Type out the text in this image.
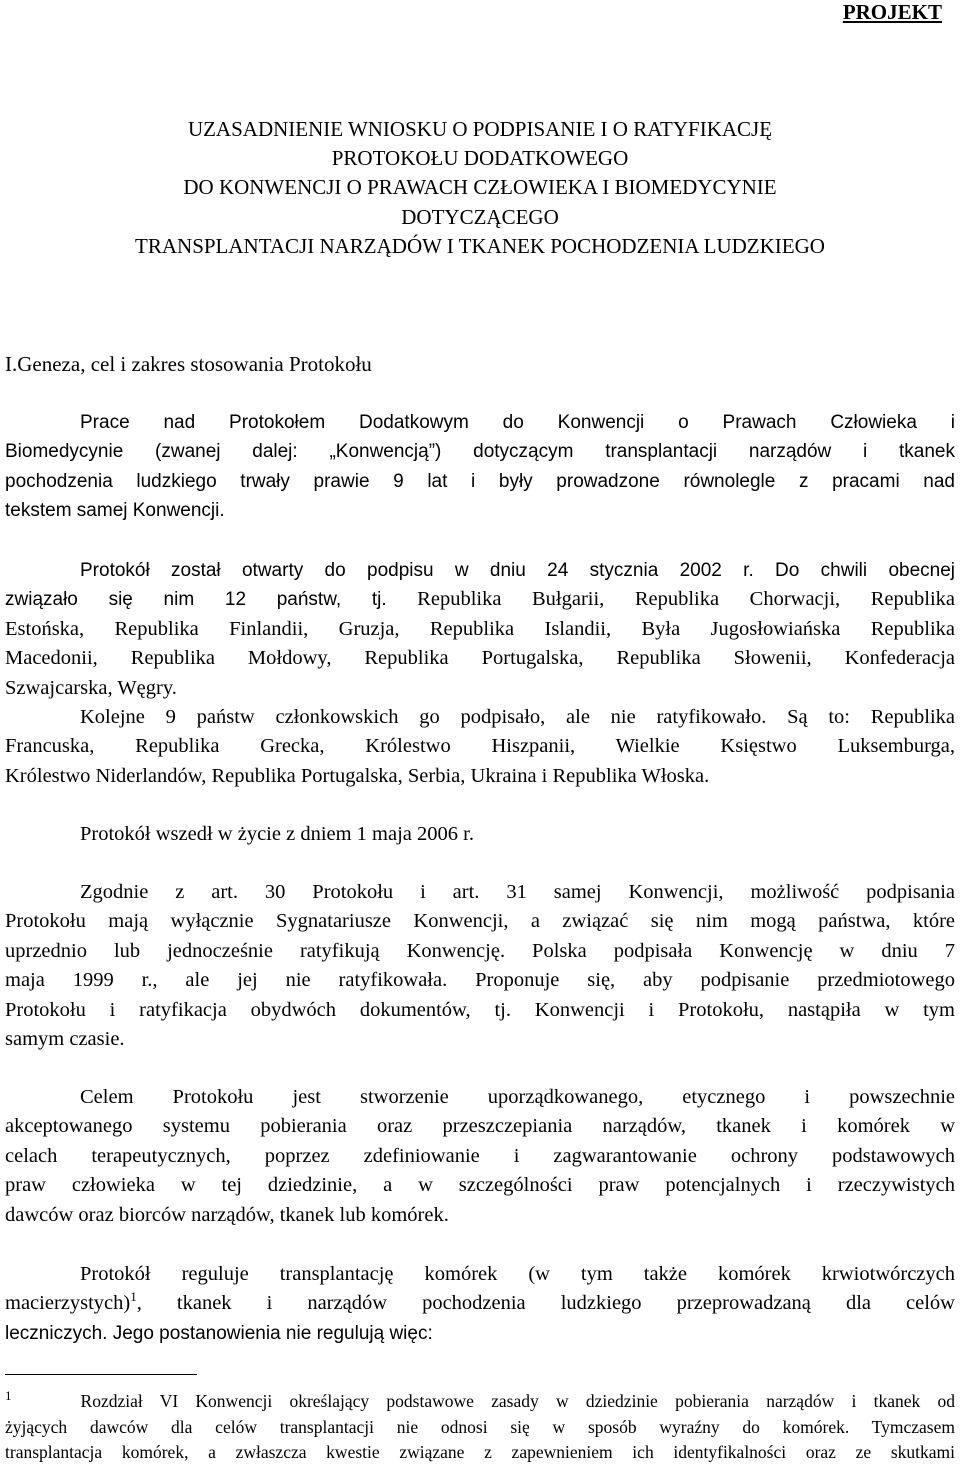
PROJEKT
UZASADNIENIE WNIOSKU O PODPISANIE I O RATYFIKACJĘ
PROTOKOŁU DODATKOWEGO
DO KONWENCJI O PRAWACH CZŁOWIEKA I BIOMEDYCYNIE
DOTYCZĄCEGO
TRANSPLANTACJI NARZĄDÓW I TKANEK POCHODZENIA LUDZKIEGO
I.Geneza, cel i zakres stosowania Protokołu
Prace nad Protokołem Dodatkowym do Konwencji o Prawach Człowieka i
Biomedycynie (zwanej dalej: „Konwencją”) dotyczącym transplantacji narządów i tkanek
pochodzenia ludzkiego trwały prawie 9 lat i były prowadzone równolegle z pracami nad
tekstem samej Konwencji.
Protokół został otwarty do podpisu w dniu 24 stycznia 2002 r. Do chwili obecnej
związało się nim 12 państw, tj. Republika Bułgarii, Republika Chorwacji, Republika
Estońska, Republika Finlandii, Gruzja, Republika Islandii, Była Jugosłowiańska Republika
Macedonii, Republika Mołdowy, Republika Portugalska, Republika Słowenii, Konfederacja
Szwajcarska, Węgry.
Kolejne 9 państw członkowskich go podpisało, ale nie ratyfikowało. Są to: Republika
Francuska, Republika Grecka, Królestwo Hiszpanii, Wielkie Księstwo Luksemburga,
Królestwo Niderlandów, Republika Portugalska, Serbia, Ukraina i Republika Włoska.
Protokół wszedł w życie z dniem 1 maja 2006 r.
Zgodnie z art. 30 Protokołu i art. 31 samej Konwencji, możliwość podpisania
Protokołu mają wyłącznie Sygnatariusze Konwencji, a związać się nim mogą państwa, które
uprzednio lub jednocześnie ratyfikują Konwencję. Polska podpisała Konwencję w dniu 7
maja 1999 r., ale jej nie ratyfikowała. Proponuje się, aby podpisanie przedmiotowego
Protokołu i ratyfikacja obydwóch dokumentów, tj. Konwencji i Protokołu, nastąpiła w tym
samym czasie.
Celem Protokołu jest stworzenie uporządkowanego, etycznego i powszechnie
akceptowanego systemu pobierania oraz przeszczepiania narządów, tkanek i komórek w
celach terapeutycznych, poprzez zdefiniowanie i zagwarantowanie ochrony podstawowych
praw człowieka w tej dziedzinie, a w szczególności praw potencjalnych i rzeczywistych
dawców oraz biorców narządów, tkanek lub komórek.
Protokół reguluje transplantację komórek (w tym także komórek krwiotwórczych
macierzystych)$^1$, tkanek i narządów pochodzenia ludzkiego przeprowadzaną dla celów
leczniczych. Jego postanowienia nie regulują więc:
$^1$	Rozdział VI Konwencji określający podstawowe zasady w dziedzinie pobierania narządów i tkanek od
żyjących dawców dla celów transplantacji nie odnosi się w sposób wyraźny do komórek. Tymczasem
transplantacja komórek, a zwłaszcza kwestie związane z zapewnieniem ich identyfikalności oraz ze skutkami
